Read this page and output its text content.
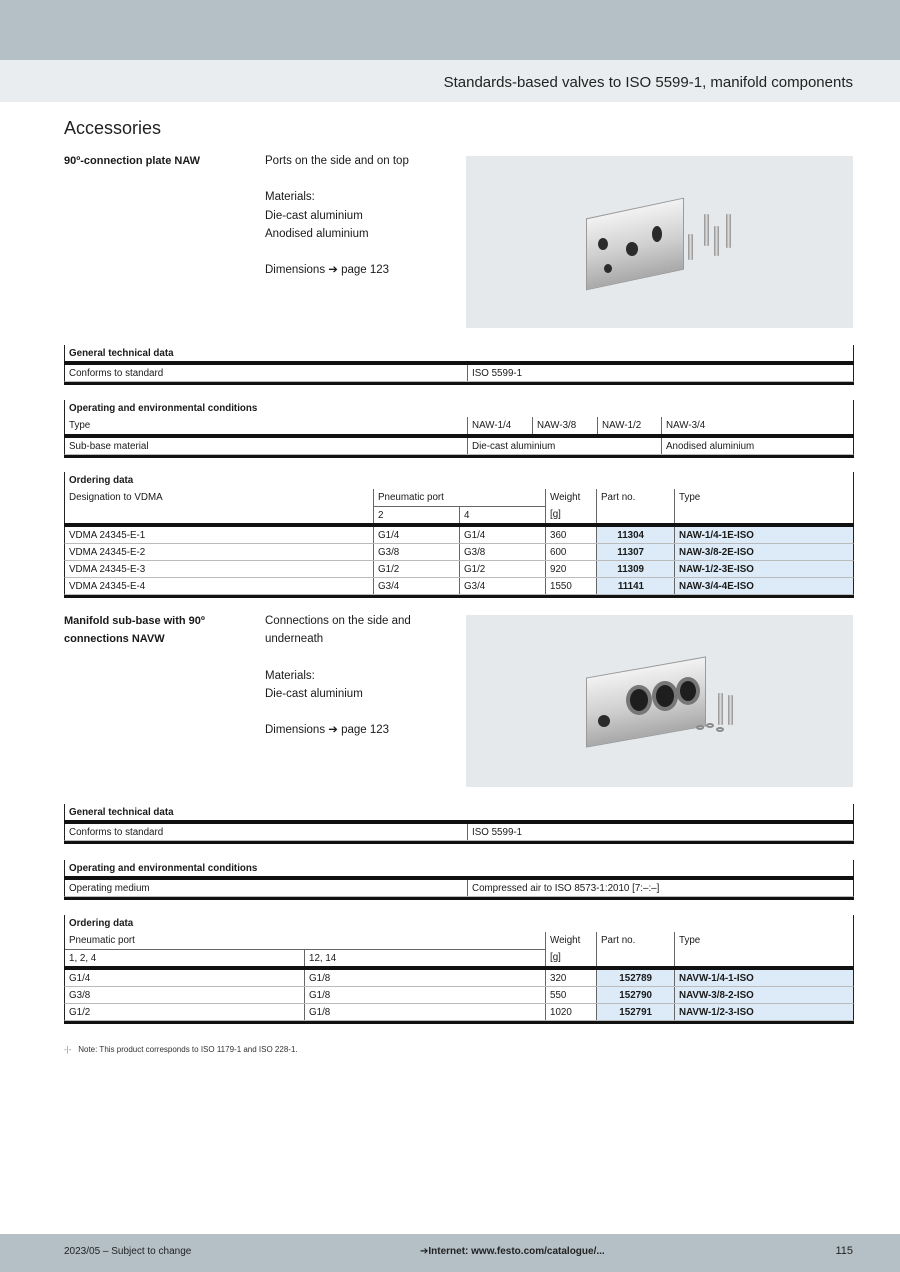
Standards-based valves to ISO 5599-1, manifold components
Accessories
90º-connection plate NAW	Ports on the side and on top
Materials:
Die-cast aluminium
Anodised aluminium
Dimensions ➔ page 123
General technical data
Conforms to standard	ISO 5599-1
Operating and environmental conditions
Type	NAW-1/4	NAW-3/8	NAW-1/2	NAW-3/4
Sub-base material	Die-cast aluminium	Anodised aluminium
Ordering data
Designation to VDMA	Pneumatic port	Weight	Part no.	Type
2	4	[g]
VDMA 24345-E-1	G1/4	G1/4	360	11304	NAW-1/4-1E-ISO
VDMA 24345-E-2	G3/8	G3/8	600	11307	NAW-3/8-2E-ISO
VDMA 24345-E-3	G1/2	G1/2	920	11309	NAW-1/2-3E-ISO
VDMA 24345-E-4	G3/4	G3/4	1550	11141	NAW-3/4-4E-ISO
Manifold sub-base with 90º connections NAVW
Connections on the side and
underneath
Materials:
Die-cast aluminium
Dimensions ➔ page 123
General technical data
Conforms to standard	ISO 5599-1
Operating and environmental conditions
Operating medium	Compressed air to ISO 8573-1:2010 [7:–:–]
Ordering data
Pneumatic port	Weight	Part no.	Type
1, 2, 4	12, 14	[g]
G1/4	G1/8	320	152789	NAVW-1/4-1-ISO
G3/8	G1/8	550	152790	NAVW-3/8-2-ISO
G1/2	G1/8	1020	152791	NAVW-1/2-3-ISO
-|- Note: This product corresponds to ISO 1179-1 and ISO 228-1.
2023/05 – Subject to change	➔Internet: www.festo.com/catalogue/...	115
